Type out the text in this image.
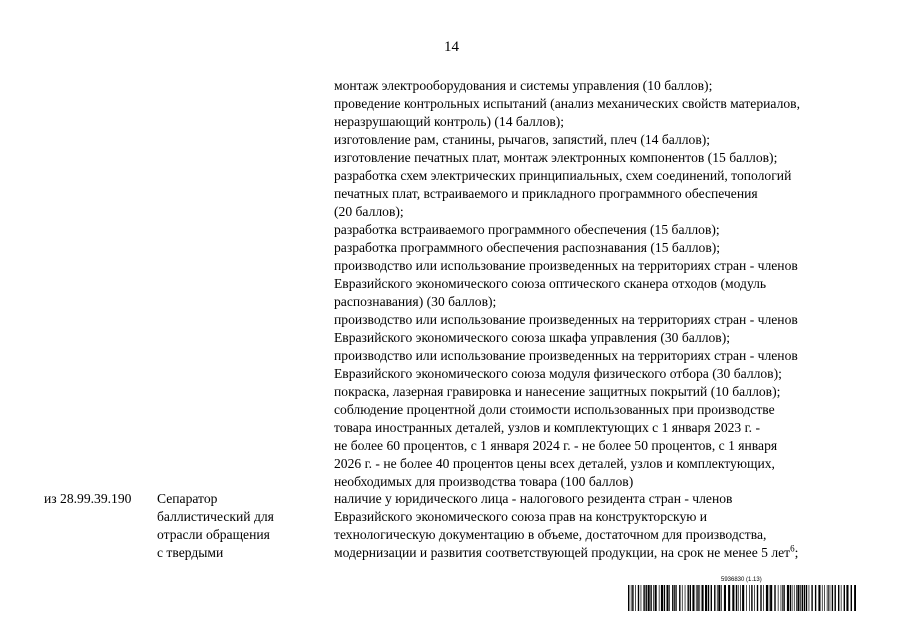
14
монтаж электрооборудования и системы управления (10 баллов);
проведение контрольных испытаний (анализ механических свойств материалов,
неразрушающий контроль) (14 баллов);
изготовление рам, станины, рычагов, запястий, плеч (14 баллов);
изготовление печатных плат, монтаж электронных компонентов (15 баллов);
разработка схем электрических принципиальных, схем соединений, топологий
печатных плат, встраиваемого и прикладного программного обеспечения
(20 баллов);
разработка встраиваемого программного обеспечения (15 баллов);
разработка программного обеспечения распознавания (15 баллов);
производство или использование произведенных на территориях стран - членов
Евразийского экономического союза оптического сканера отходов (модуль
распознавания) (30 баллов);
производство или использование произведенных на территориях стран - членов
Евразийского экономического союза шкафа управления (30 баллов);
производство или использование произведенных на территориях стран - членов
Евразийского экономического союза модуля физического отбора (30 баллов);
покраска, лазерная гравировка и нанесение защитных покрытий (10 баллов);
соблюдение процентной доли стоимости использованных при производстве
товара иностранных деталей, узлов и комплектующих с 1 января 2023 г. -
не более 60 процентов, с 1 января 2024 г. - не более 50 процентов, с 1 января
2026 г. - не более 40 процентов цены всех деталей, узлов и комплектующих,
необходимых для производства товара (100 баллов)
из 28.99.39.190 Сепаратор
баллистический для
отрасли обращения
с твердыми
наличие у юридического лица - налогового резидента стран - членов
Евразийского экономического союза прав на конструкторскую и
технологическую документацию в объеме, достаточном для производства,
модернизации и развития соответствующей продукции, на срок не менее 5 лет$^6$;
5936830 (1.13)
